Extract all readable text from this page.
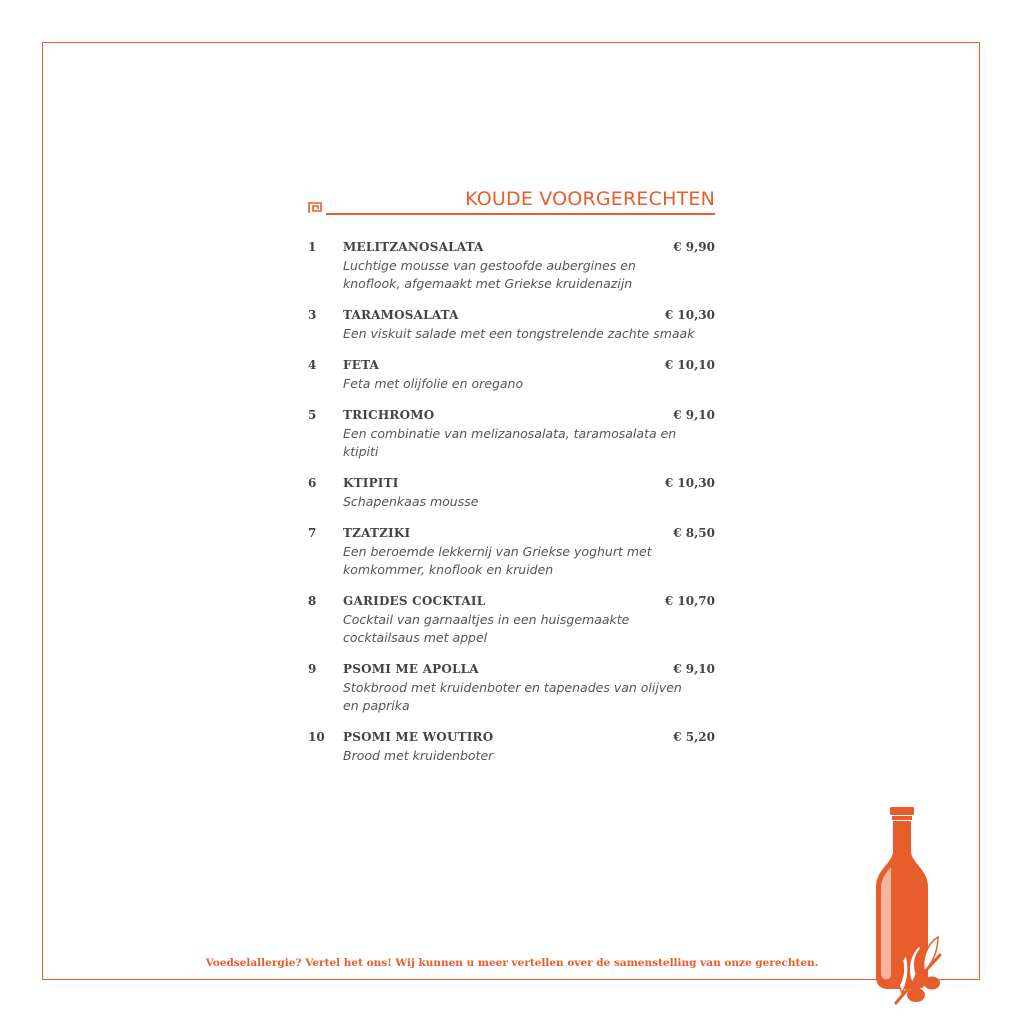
KOUDE VOORGERECHTEN
1 MELITZANOSALATA	€ 9,90
Luchtige mousse van gestoofde aubergines en knoflook, afgemaakt met Griekse kruidenazijn
3 TARAMOSALATA	€ 10,30
Een viskuit salade met een tongstrelende zachte smaak
4 FETA	€ 10,10
Feta met olijfolie en oregano
5 TRICHROMO	€ 9,10
Een combinatie van melizanosalata, taramosalata en ktipiti
6 KTIPITI	€ 10,30
Schapenkaas mousse
7 TZATZIKI	€ 8,50
Een beroemde lekkernij van Griekse yoghurt met komkommer, knoflook en kruiden
8 GARIDES COCKTAIL	€ 10,70
Cocktail van garnaaltjes in een huisgemaakte cocktailsaus met appel
9 PSOMI ME APOLLA	€ 9,10
Stokbrood met kruidenboter en tapenades van olijven en paprika
10 PSOMI ME WOUTIRO	€ 5,20
Brood met kruidenboter
Voedselallergie? Vertel het ons! Wij kunnen u meer vertellen over de samenstelling van onze gerechten.
